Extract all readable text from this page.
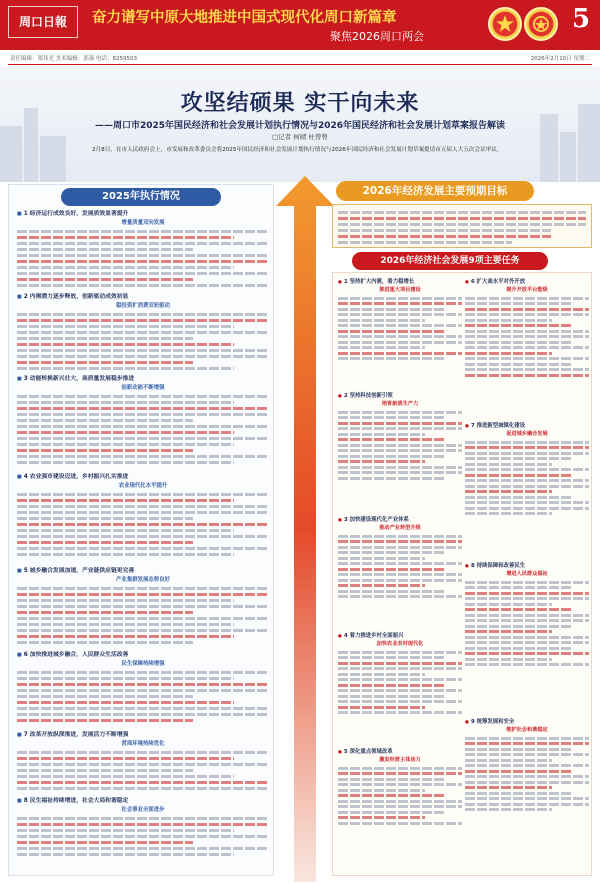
周口日報	奋力谱写中原大地推进中国式现代化周口新篇章
聚焦2026周口两会
5
责任编辑：郑伟光 美术编辑：郭强 电话：8259503	2026年2月10日 星期二
攻坚结硕果 实干向未来
——周口市2025年国民经济和社会发展计划执行情况与2026年国民经济和社会发展计划草案报告解读
□记者 柯晴 杜曾曾
2月8日，在市人民政府会上，市发展和改革委员会将2025年国民经济和社会发展计划执行情况与2026年国民经济和社会发展计划草案提请市五届人大五次会议审议。
2025年执行情况
■ 1 经济运行成效良好，发展质效显著提升
增量质量双向发展
■ 2 内需潜力逐步释放，创新驱动成效初显
稳投资扩消费双轮驱动
■ 3 动能转换新兴壮大，高质量发展稳步推进
创新动能不断增强
■ 4 农业强市建设迈进，乡村振兴扎实推进
农业现代化水平提升
■ 5 城乡融合发展加速，产业链供应链更完善
产业集群发展态势良好
■ 6 加快推进城乡融合，人民群众生活改善
民生保障持续增强
■ 7 改革开放纵深推进，发展活力不断增强
营商环境持续优化
■ 8 民生福祉持续增进，社会大局和谐稳定
社会事业全面进步
2026年经济发展主要预期目标
2026年经济社会发展9项主要任务
● 1 坚持扩大内需，着力稳增长
推进重大项目建设
● 2 坚持科技创新引领
培育新质生产力
● 3 加快建设现代化产业体系
推动产业转型升级
● 4 着力推进乡村全面振兴
加快农业农村现代化
● 5 深化重点领域改革
激发经营主体活力
● 6 扩大高水平对外开放
提升开放平台能级
● 7 推进新型城镇化建设
促进城乡融合发展
● 8 持续保障和改善民生
增进人民群众福祉
● 9 统筹发展和安全
维护社会和谐稳定
